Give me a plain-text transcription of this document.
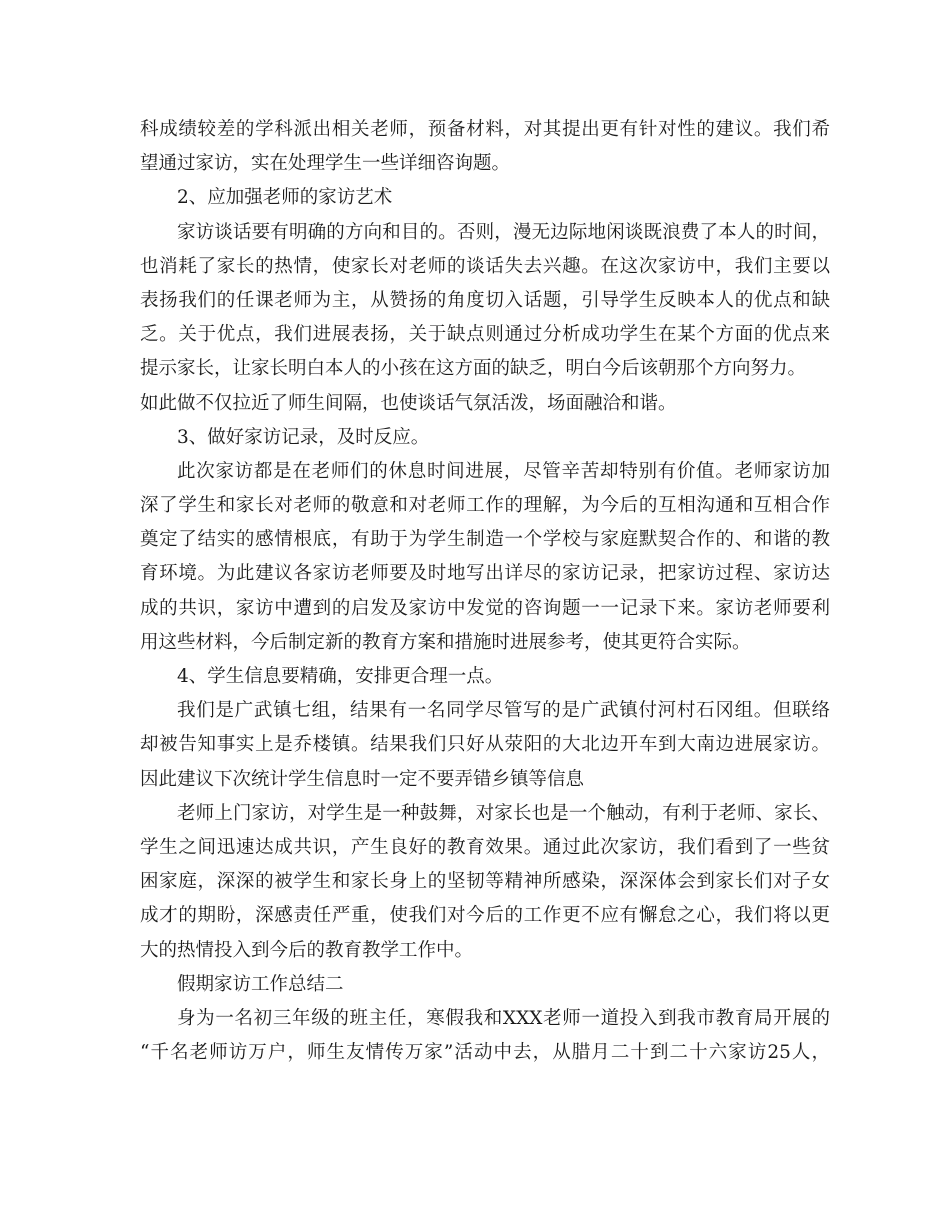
科成绩较差的学科派出相关老师，预备材料，对其提出更有针对性的建议。我们希
望通过家访，实在处理学生一些详细咨询题。
2、应加强老师的家访艺术
家访谈话要有明确的方向和目的。否则，漫无边际地闲谈既浪费了本人的时间，
也消耗了家长的热情，使家长对老师的谈话失去兴趣。在这次家访中，我们主要以
表扬我们的任课老师为主，从赞扬的角度切入话题，引导学生反映本人的优点和缺
乏。关于优点，我们进展表扬，关于缺点则通过分析成功学生在某个方面的优点来
提示家长，让家长明白本人的小孩在这方面的缺乏，明白今后该朝那个方向努力。
如此做不仅拉近了师生间隔，也使谈话气氛活泼，场面融洽和谐。
3、做好家访记录，及时反应。
此次家访都是在老师们的休息时间进展，尽管辛苦却特别有价值。老师家访加
深了学生和家长对老师的敬意和对老师工作的理解，为今后的互相沟通和互相合作
奠定了结实的感情根底，有助于为学生制造一个学校与家庭默契合作的、和谐的教
育环境。为此建议各家访老师要及时地写出详尽的家访记录，把家访过程、家访达
成的共识，家访中遭到的启发及家访中发觉的咨询题一一记录下来。家访老师要利
用这些材料，今后制定新的教育方案和措施时进展参考，使其更符合实际。
4、学生信息要精确，安排更合理一点。
我们是广武镇七组，结果有一名同学尽管写的是广武镇付河村石冈组。但联络
却被告知事实上是乔楼镇。结果我们只好从荥阳的大北边开车到大南边进展家访。
因此建议下次统计学生信息时一定不要弄错乡镇等信息
老师上门家访，对学生是一种鼓舞，对家长也是一个触动，有利于老师、家长、
学生之间迅速达成共识，产生良好的教育效果。通过此次家访，我们看到了一些贫
困家庭，深深的被学生和家长身上的坚韧等精神所感染，深深体会到家长们对子女
成才的期盼，深感责任严重，使我们对今后的工作更不应有懈怠之心，我们将以更
大的热情投入到今后的教育教学工作中。
假期家访工作总结二
身为一名初三年级的班主任，寒假我和XXX老师一道投入到我市教育局开展的
“千名老师访万户，师生友情传万家”活动中去，从腊月二十到二十六家访25人，
